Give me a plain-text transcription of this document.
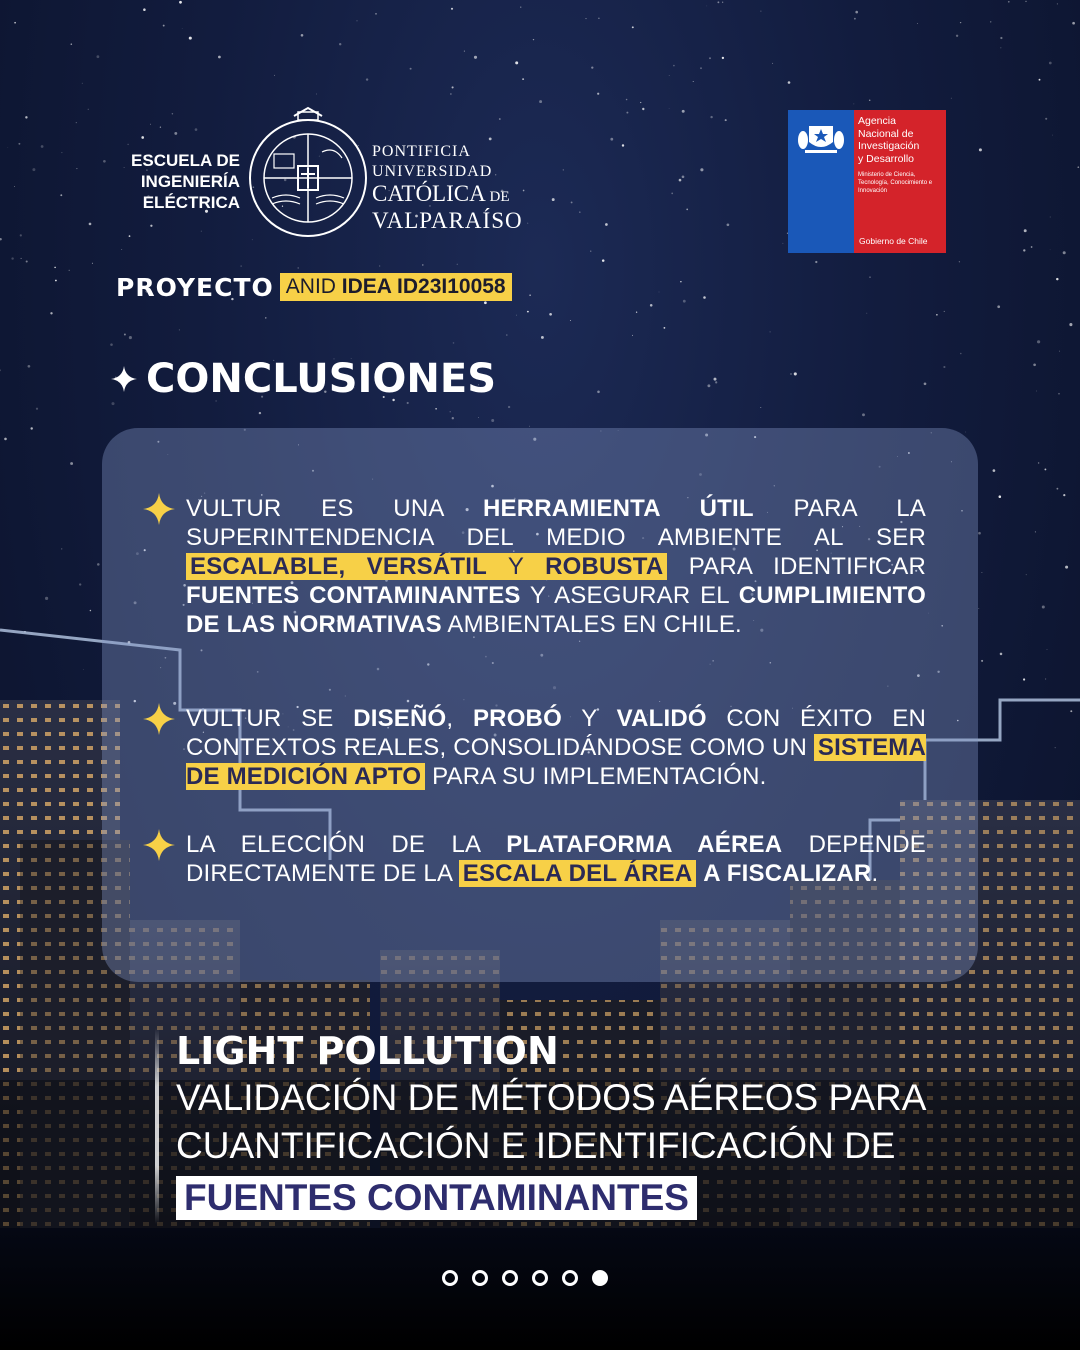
ESCUELA DE
INGENIERÍA
ELÉCTRICA
PONTIFICIA
UNIVERSIDAD
CATÓLICA DE
VALPARAÍSO
PROYECTO ANID IDEA ID23I10058
Agencia
Nacional de
Investigación
y Desarrollo
Ministerio de Ciencia, Tecnología, Conocimiento e Innovación
Gobierno de Chile
CONCLUSIONES
VULTUR ES UNA HERRAMIENTA ÚTIL PARA LA SUPERINTENDENCIA DEL MEDIO AMBIENTE AL SER ESCALABLE, VERSÁTIL Y ROBUSTA PARA IDENTIFICAR FUENTES CONTAMINANTES Y ASEGURAR EL CUMPLIMIENTO DE LAS NORMATIVAS AMBIENTALES EN CHILE.
VULTUR SE DISEÑÓ, PROBÓ Y VALIDÓ CON ÉXITO EN CONTEXTOS REALES, CONSOLIDÁNDOSE COMO UN SISTEMA DE MEDICIÓN APTO PARA SU IMPLEMENTACIÓN.
LA ELECCIÓN DE LA PLATAFORMA AÉREA DEPENDE DIRECTAMENTE DE LA ESCALA DEL ÁREA A FISCALIZAR.
LIGHT POLLUTION
VALIDACIÓN DE MÉTODOS AÉREOS PARA
CUANTIFICACIÓN E IDENTIFICACIÓN DE
FUENTES CONTAMINANTES
